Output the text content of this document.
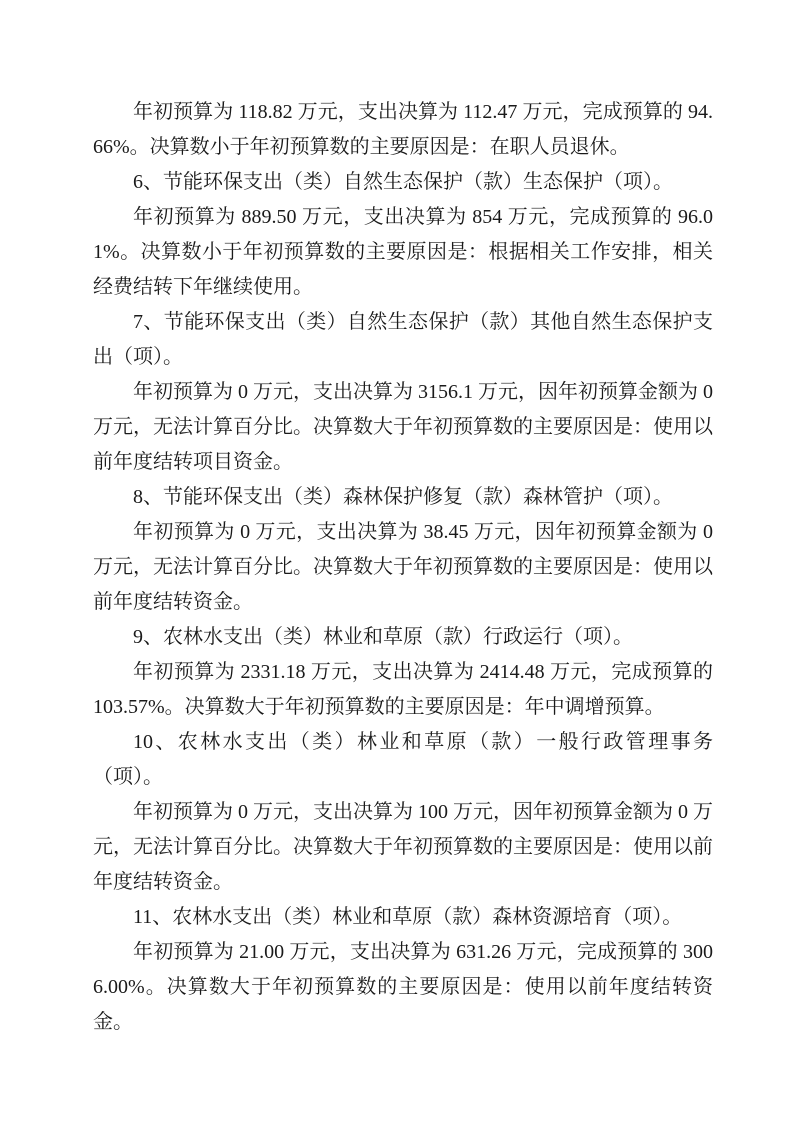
年初预算为 118.82 万元，支出决算为 112.47 万元，完成预算的 94.66%。决算数小于年初预算数的主要原因是：在职人员退休。

6、节能环保支出（类）自然生态保护（款）生态保护（项）。

年初预算为 889.50 万元，支出决算为 854 万元，完成预算的 96.01%。决算数小于年初预算数的主要原因是：根据相关工作安排，相关经费结转下年继续使用。

7、节能环保支出（类）自然生态保护（款）其他自然生态保护支出（项）。

年初预算为 0 万元，支出决算为 3156.1 万元，因年初预算金额为 0 万元，无法计算百分比。决算数大于年初预算数的主要原因是：使用以前年度结转项目资金。

8、节能环保支出（类）森林保护修复（款）森林管护（项）。

年初预算为 0 万元，支出决算为 38.45 万元，因年初预算金额为 0 万元，无法计算百分比。决算数大于年初预算数的主要原因是：使用以前年度结转资金。

9、农林水支出（类）林业和草原（款）行政运行（项）。

年初预算为 2331.18 万元，支出决算为 2414.48 万元，完成预算的 103.57%。决算数大于年初预算数的主要原因是：年中调增预算。

10、农林水支出（类）林业和草原（款）一般行政管理事务（项）。

年初预算为 0 万元，支出决算为 100 万元，因年初预算金额为 0 万元，无法计算百分比。决算数大于年初预算数的主要原因是：使用以前年度结转资金。

11、农林水支出（类）林业和草原（款）森林资源培育（项）。

年初预算为 21.00 万元，支出决算为 631.26 万元，完成预算的 3006.00%。决算数大于年初预算数的主要原因是：使用以前年度结转资金。
